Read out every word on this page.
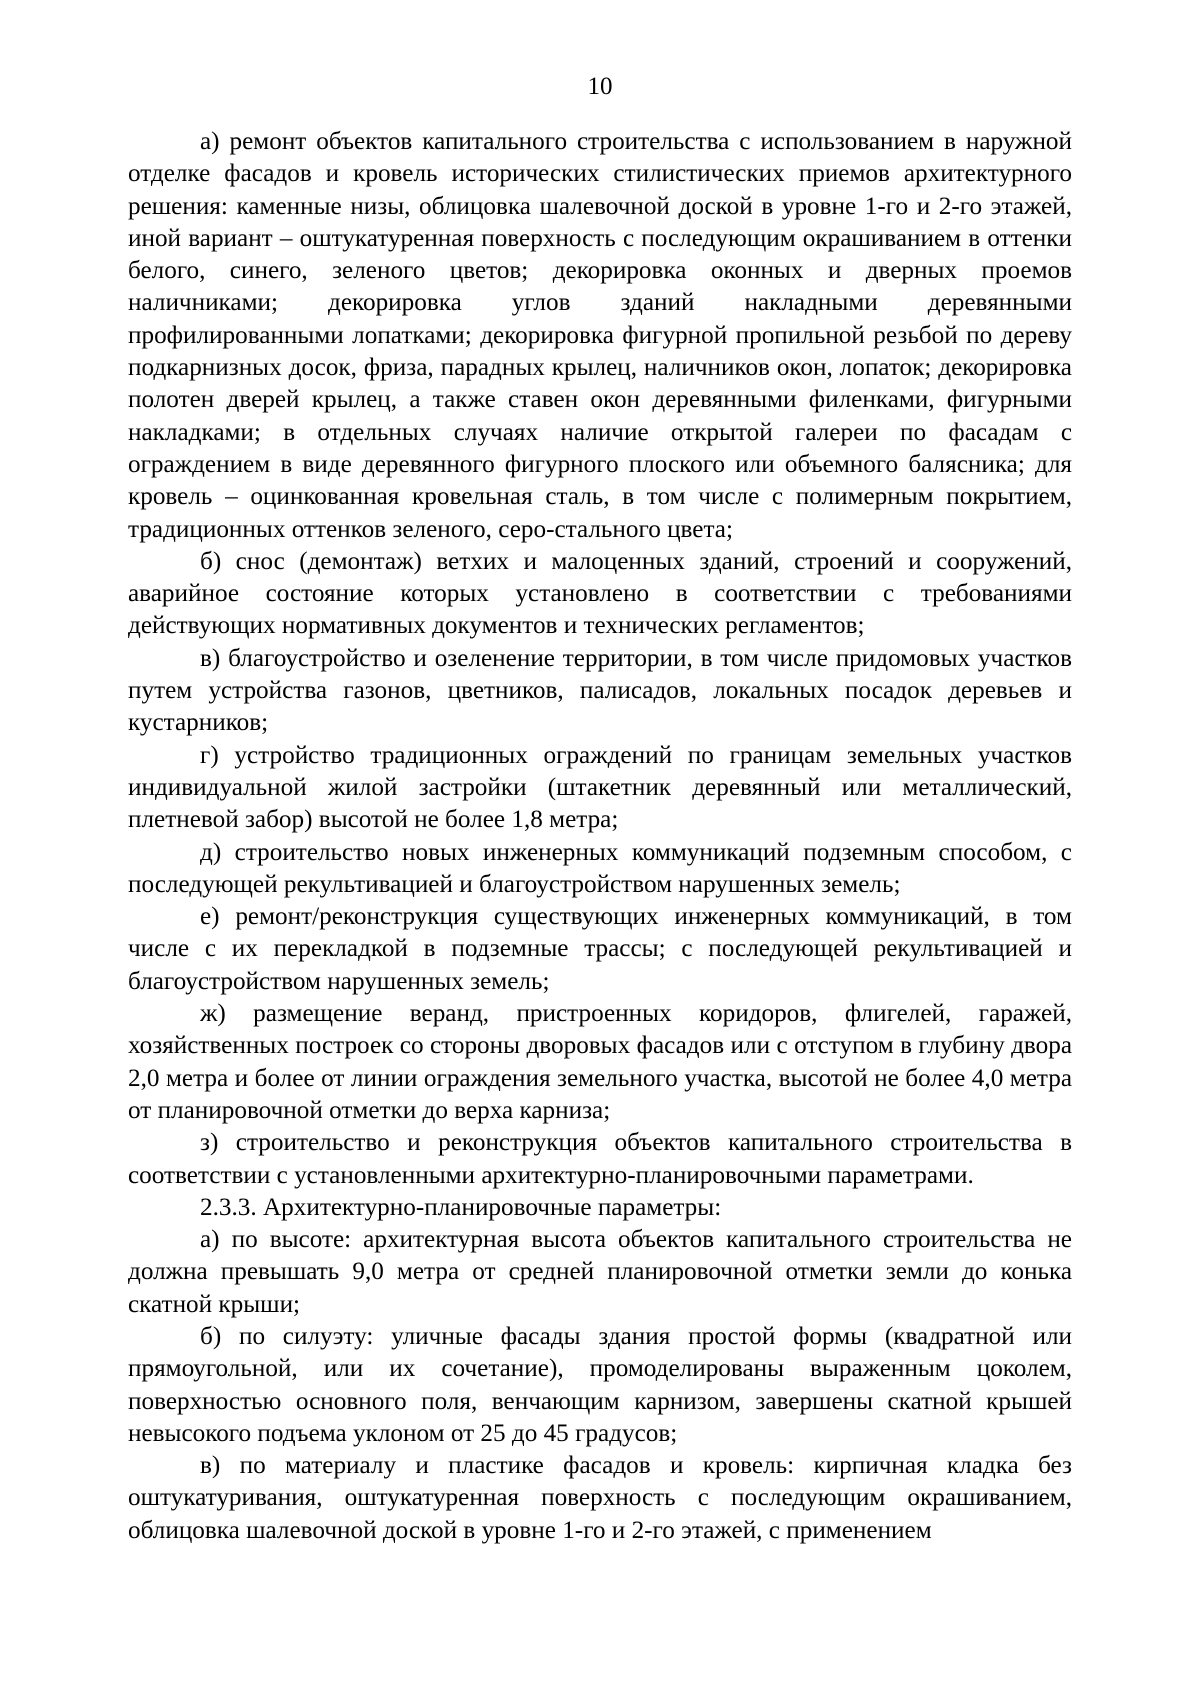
10

а) ремонт объектов капитального строительства с использованием в наружной отделке фасадов и кровель исторических стилистических приемов архитектурного решения: каменные низы, облицовка шалевочной доской в уровне 1-го и 2-го этажей, иной вариант – оштукатуренная поверхность с последующим окрашиванием в оттенки белого, синего, зеленого цветов; декорировка оконных и дверных проемов наличниками; декорировка углов зданий накладными деревянными профилированными лопатками; декорировка фигурной пропильной резьбой по дереву подкарнизных досок, фриза, парадных крылец, наличников окон, лопаток; декорировка полотен дверей крылец, а также ставен окон деревянными филенками, фигурными накладками; в отдельных случаях наличие открытой галереи по фасадам с ограждением в виде деревянного фигурного плоского или объемного балясника; для кровель – оцинкованная кровельная сталь, в том числе с полимерным покрытием, традиционных оттенков зеленого, серо-стального цвета;

б) снос (демонтаж) ветхих и малоценных зданий, строений и сооружений, аварийное состояние которых установлено в соответствии с требованиями действующих нормативных документов и технических регламентов;

в) благоустройство и озеленение территории, в том числе придомовых участков путем устройства газонов, цветников, палисадов, локальных посадок деревьев и кустарников;

г) устройство традиционных ограждений по границам земельных участков индивидуальной жилой застройки (штакетник деревянный или металлический, плетневой забор) высотой не более 1,8 метра;

д) строительство новых инженерных коммуникаций подземным способом, с последующей рекультивацией и благоустройством нарушенных земель;

е) ремонт/реконструкция существующих инженерных коммуникаций, в том числе с их перекладкой в подземные трассы; с последующей рекультивацией и благоустройством нарушенных земель;

ж) размещение веранд, пристроенных коридоров, флигелей, гаражей, хозяйственных построек со стороны дворовых фасадов или с отступом в глубину двора 2,0 метра и более от линии ограждения земельного участка, высотой не более 4,0 метра от планировочной отметки до верха карниза;

з) строительство и реконструкция объектов капитального строительства в соответствии с установленными архитектурно-планировочными параметрами.

2.3.3. Архитектурно-планировочные параметры:

а) по высоте: архитектурная высота объектов капитального строительства не должна превышать 9,0 метра от средней планировочной отметки земли до конька скатной крыши;

б) по силуэту: уличные фасады здания простой формы (квадратной или прямоугольной, или их сочетание), промоделированы выраженным цоколем, поверхностью основного поля, венчающим карнизом, завершены скатной крышей невысокого подъема уклоном от 25 до 45 градусов;

в) по материалу и пластике фасадов и кровель: кирпичная кладка без оштукатуривания, оштукатуренная поверхность с последующим окрашиванием, облицовка шалевочной доской в уровне 1-го и 2-го этажей, с применением
